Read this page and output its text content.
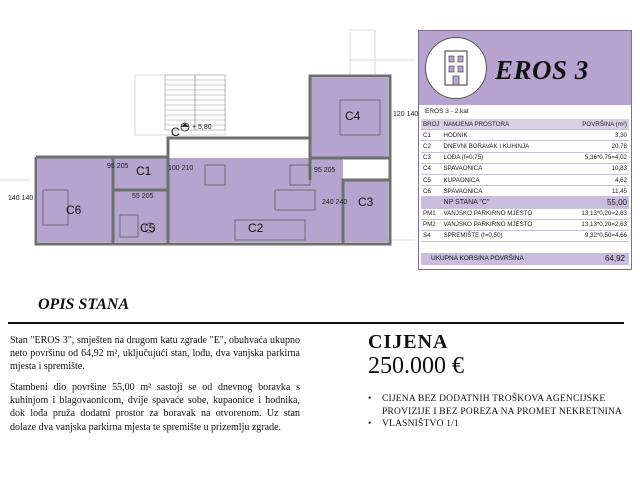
C
C1
C2
C3
C4
C5
C6
+ 5,80
95 205
120 140
140 140
95 205
55 205
100 210
240 240
EROS 3
EROS 3 - 2.kat
BROJ	NAMJENA PROSTORA	POVRŠINA (m²)
C1	HODNIK	3,30
C2	DNEVNI BORAVAK I KUHINJA	20,78
C3	LOĐA (f=0,75)	5,36*0,75=4,02
C4	SPAVAONICA	10,83
C5	KUPAONICA	4,62
C6	SPAVAONICA	11,45
	NP STANA "C"	55,00
PM1	VANJSKO PARKIRNO MJESTO	13,13*0,20=2,63
PM2	VANJSKO PARKIRNO MJESTO	13,13*0,20=2,63
S4	SPREMIŠTE (f=0,50)	9,32*0,50=4,66
UKUPNA KORSINA POVRŠINA	64,92
OPIS STANA
Stan "EROS 3", smješten na drugom katu zgrade "E", obuhvaća ukupno neto površinu od 64,92 m², uključujući stan, lođu, dva vanjska parkirna mjesta i spremište.
Stambeni dio površine 55,00 m² sastoji se od dnevnog boravka s kuhinjom i blagovaonicom, dvije spavaće sobe, kupaonice i hodnika, dok lođa pruža dodatni prostor za boravak na otvorenom. Uz stan dolaze dva vanjska parkirna mjesta te spremište u prizemlju zgrade.
CIJENA
250.000 €
• CIJENA BEZ DODATNIH TROŠKOVA AGENCIJSKE PROVIZIJE I BEZ POREZA NA PROMET NEKRETNINA
• VLASNIŠTVO 1/1
